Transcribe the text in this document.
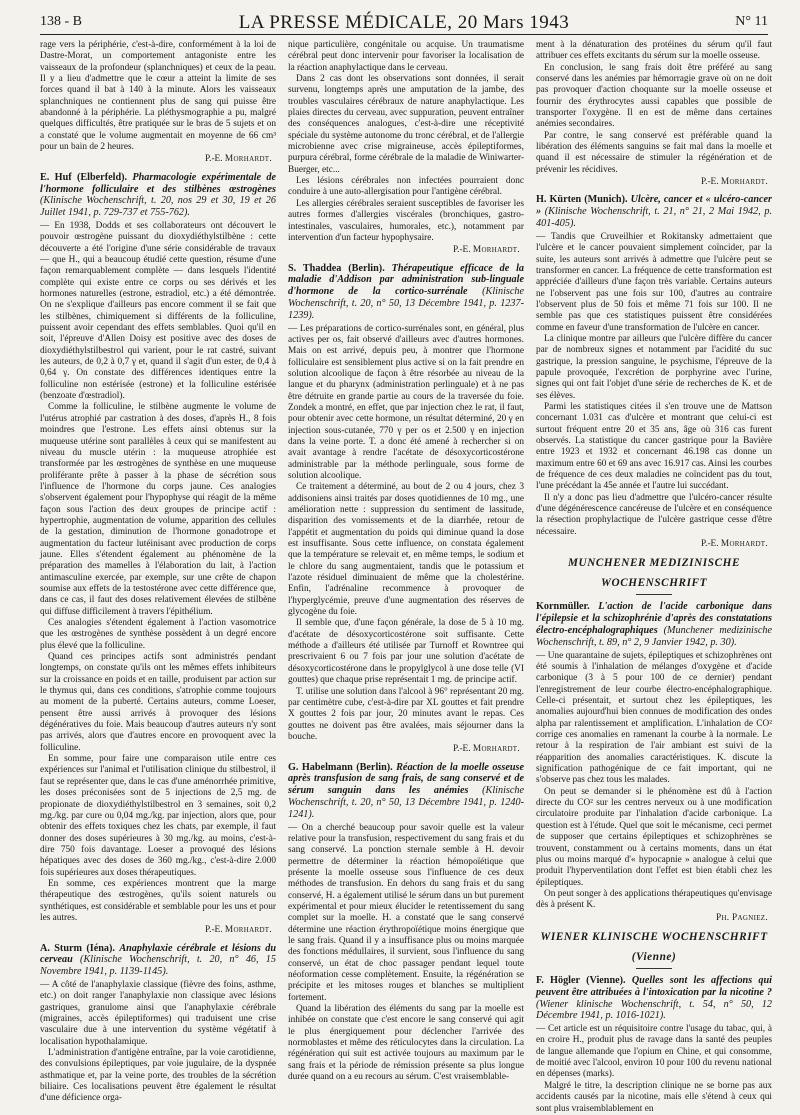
138 - B	LA PRESSE MÉDICALE, 20 Mars 1943	N° 11

rage vers la périphérie, c'est-à-dire, conformément à la loi de Dastre-Morat, un comportement antagoniste entre les vaisseaux de la profondeur (splanchniques) et ceux de la peau. Il y a lieu d'admettre que le cœur a atteint la limite de ses forces quand il bat à 140 à la minute. Alors les vaisseaux splanchniques ne contiennent plus de sang qui puisse être abandonné à la périphérie. La pléthysmographie a pu, malgré quelques difficultés, être pratiquée sur le bras de 5 sujets et on a constaté que le volume augmentait en moyenne de 66 cm³ pour un bain de 2 heures.

P.-E. Morhardt.
E. Huf (Elberfeld). Pharmacologie expérimentale de l'hormone folliculaire et des stilbènes œstrogènes (Klinische Wochenschrift, t. 20, nos 29 et 30, 19 et 26 Juillet 1941, p. 729-737 et 755-762).

— En 1938, Dodds et ses collaborateurs ont découvert le pouvoir œstrogène puissant du dioxydiéthylstilbène : cette découverte a été l'origine d'une série considérable de travaux — que H., qui a beaucoup étudié cette question, résume d'une façon remarquablement complète — dans lesquels l'identité complète qui existe entre ce corps ou ses dérivés et les hormones naturelles (estrone, estradiol, etc.) a été démontrée. On ne s'explique d'ailleurs pas encore comment il se fait que les stilbènes, chimiquement si différents de la folliculine, puissent avoir cependant des effets semblables. Quoi qu'il en soit, l'épreuve d'Allen Doisy est positive avec des doses de dioxydiéthylstilbestrol qui varient, pour le rat castré, suivant les auteurs, de 0,2 à 0,7 γ et, quand il s'agit d'un ester, de 0,4 à 0,64 γ. On constate des différences identiques entre la folliculine non estérisée (estrone) et la folliculine estérisée (benzoate d'œstradiol).

Comme la folliculine, le stilbène augmente le volume de l'utérus atrophié par castration à des doses, d'après H., 8 fois moindres que l'estrone. Les effets ainsi obtenus sur la muqueuse utérine sont parallèles à ceux qui se manifestent au niveau du muscle utérin : la muqueuse atrophiée est transformée par les œstrogènes de synthèse en une muqueuse proliférante prête à passer à la phase de sécrétion sous l'influence de l'hormone du corps jaune. Ces analogies s'observent également pour l'hypophyse qui réagit de la même façon sous l'action des deux groupes de principe actif : hypertrophie, augmentation de volume, apparition des cellules de la gestation, diminution de l'hormone gonadotrope et augmentation du facteur lutéinisant avec production de corps jaune. Elles s'étendent également au phénomène de la préparation des mamelles à l'élaboration du lait, à l'action antimasculine exercée, par exemple, sur une crête de chapon soumise aux effets de la testostérone avec cette différence que, dans ce cas, il faut des doses relativement élevées de stilbène qui diffuse difficilement à travers l'épithélium.

Ces analogies s'étendent également à l'action vasomotrice que les œstrogènes de synthèse possèdent à un degré encore plus élevé que la folliculine.

Quand ces principes actifs sont administrés pendant longtemps, on constate qu'ils ont les mêmes effets inhibiteurs sur la croissance en poids et en taille, produisent par action sur le thymus qui, dans ces conditions, s'atrophie comme toujours au moment de la puberté. Certains auteurs, comme Loeser, pensent être aussi arrivés à provoquer des lésions dégénératives du foie. Mais beaucoup d'autres auteurs n'y sont pas arrivés, alors que d'autres encore en provoquent avec la folliculine.

En somme, pour faire une comparaison utile entre ces expériences sur l'animal et l'utilisation clinique du stilbestrol, il faut se représenter que, dans le cas d'une aménorrhée primitive, les doses préconisées sont de 5 injections de 2,5 mg. de propionate de dioxydiéthylstilbestrol en 3 semaines, soit 0,2 mg./kg. par cure ou 0,04 mg./kg. par injection, alors que, pour obtenir des effets toxiques chez les chats, par exemple, il faut donner des doses supérieures à 30 mg./kg. au moins, c'est-à-dire 750 fois davantage. Loeser a provoqué des lésions hépatiques avec des doses de 360 mg./kg., c'est-à-dire 2.000 fois supérieures aux doses thérapeutiques.

En somme, ces expériences montrent que la marge thérapeutique des œstrogènes, qu'ils soient naturels ou synthétiques, est considérable et semblable pour les uns et pour les autres.

P.-E. Morhardt.
A. Sturm (Iéna). Anaphylaxie cérébrale et lésions du cerveau (Klinische Wochenschrift, t. 20, n° 46, 15 Novembre 1941, p. 1139-1145).

— A côté de l'anaphylaxie classique (fièvre des foins, asthme, etc.) on doit ranger l'anaphylaxie non classique avec lésions gastriques, granulome ainsi que l'anaphylaxie cérébrale (migraines, accès épileptiformes) qui traduisent une crise vasculaire due à une intervention du système végétatif à localisation hypothalamique.

L'administration d'antigène entraîne, par la voie carotidienne, des convulsions épileptiques, par voie jugulaire, de la dyspnée asthmatique et, par la veine porte, des troubles de la sécrétion biliaire. Ces localisations peuvent être également le résultat d'une déficience orga-

nique particulière, congénitale ou acquise. Un traumatisme cérébral peut donc intervenir pour favoriser la localisation de la réaction anaphylactique dans le cerveau.

Dans 2 cas dont les observations sont données, il serait survenu, longtemps après une amputation de la jambe, des troubles vasculaires cérébraux de nature anaphylactique. Les plaies directes du cerveau, avec suppuration, peuvent entraîner des conséquences analogues, c'est-à-dire une réceptivité spéciale du système autonome du tronc cérébral, et de l'allergie microbienne avec crise migraineuse, accès épileptiformes, purpura cérébral, forme cérébrale de la maladie de Winiwarter-Buerger, etc...

Les lésions cérébrales non infectées pourraient donc conduire à une auto-allergisation pour l'antigène cérébral.

Les allergies cérébrales seraient susceptibles de favoriser les autres formes d'allergies viscérales (bronchiques, gastro-intestinales, vasculaires, humorales, etc.), notamment par intervention d'un facteur hypophysaire.

P.-E. Morhardt.
S. Thaddea (Berlin). Thérapeutique efficace de la maladie d'Addison par administration sub-linguale d'hormone de la cortico-surrénale (Klinische Wochenschrift, t. 20, n° 50, 13 Décembre 1941, p. 1237-1239).

— Les préparations de cortico-surrénales sont, en général, plus actives per os, fait observé d'ailleurs avec d'autres hormones. Mais on est arrivé, depuis peu, à montrer que l'hormone folliculaire est sensiblement plus active si on la fait prendre en solution alcoolique de façon à être résorbée au niveau de la langue et du pharynx (administration perlinguale) et à ne pas être détruite en grande partie au cours de la traversée du foie. Zondek a montré, en effet, que par injection chez le rat, il faut, pour obtenir avec cette hormone, un résultat déterminé, 20 γ en injection sous-cutanée, 770 γ per os et 2.500 γ en injection dans la veine porte. T. a donc été amené à rechercher si on avait avantage à rendre l'acétate de désoxycorticostérone administrable par la méthode perlinguale, sous forme de solution alcoolique.

Ce traitement a déterminé, au bout de 2 ou 4 jours, chez 3 addisoniens ainsi traités par doses quotidiennes de 10 mg., une amélioration nette : suppression du sentiment de lassitude, disparition des vomissements et de la diarrhée, retour de l'appétit et augmentation du poids qui diminue quand la dose est insuffisante. Sous cette influence, on constata également que la température se relevait et, en même temps, le sodium et le chlore du sang augmentaient, tandis que le potassium et l'azote résiduel diminuaient de même que la cholestérine. Enfin, l'adrénaline recommence à provoquer de l'hyperglycémie, preuve d'une augmentation des réserves de glycogène du foie.

Il semble que, d'une façon générale, la dose de 5 à 10 mg. d'acétate de désoxycorticostérone soit suffisante. Cette méthode a d'ailleurs été utilisée par Turnoff et Rowntree qui prescrivaient 6 ou 7 fois par jour une solution d'acétate de désoxycorticostérone dans le propylglycol à une dose telle (VI gouttes) que chaque prise représentait 1 mg. de principe actif.

T. utilise une solution dans l'alcool à 96° représentant 20 mg. par centimètre cube, c'est-à-dire par XL gouttes et fait prendre X gouttes 2 fois par jour, 20 minutes avant le repas. Ces gouttes ne doivent pas être avalées, mais séjourner dans la bouche.

P.-E. Morhardt.
G. Habelmann (Berlin). Réaction de la moelle osseuse après transfusion de sang frais, de sang conservé et de sérum sanguin dans les anémies (Klinische Wochenschrift, t. 20, n° 50, 13 Décembre 1941, p. 1240-1241).

— On a cherché beaucoup pour savoir quelle est la valeur relative pour la transfusion, respectivement du sang frais et du sang conservé. La ponction sternale semble à H. devoir permettre de déterminer la réaction hémopoïétique que présente la moelle osseuse sous l'influence de ces deux méthodes de transfusion. En dehors du sang frais et du sang conservé, H. a également utilisé le sérum dans un but purement expérimental et pour mieux élucider le retentissement du sang complet sur la moelle. H. a constaté que le sang conservé détermine une réaction érythropoïétique moins énergique que le sang frais. Quand il y a insuffisance plus ou moins marquée des fonctions médullaires, il survient, sous l'influence du sang conservé, un état de choc passager pendant lequel toute néoformation cesse complètement. Ensuite, la régénération se précipite et les mitoses rouges et blanches se multiplient fortement.

Quand la libération des éléments du sang par la moelle est inhibée on constate que c'est encore le sang conservé qui agit le plus énergiquement pour déclencher l'arrivée des normoblastes et même des réticulocytes dans la circulation. La régénération qui suit est activée toujours au maximum par le sang frais et la période de rémission présente sa plus longue durée quand on a eu recours au sérum. C'est vraisemblable-

ment à la dénaturation des protéines du sérum qu'il faut attribuer ces effets excitants du sérum sur la moelle osseuse.

En conclusion, le sang frais doit être préféré au sang conservé dans les anémies par hémorragie grave où on ne doit pas provoquer d'action choquante sur la moelle osseuse et fournir des érythrocytes aussi capables que possible de transporter l'oxygène. Il en est de même dans certaines anémies secondaires.

Par contre, le sang conservé est préférable quand la libération des éléments sanguins se fait mal dans la moelle et quand il est nécessaire de stimuler la régénération et de prévenir les récidives.

P.-E. Morhardt.
H. Kürten (Munich). Ulcère, cancer et « ulcéro-cancer » (Klinische Wochenschrift, t. 21, n° 21, 2 Mai 1942, p. 401-405).

— Tandis que Cruveilhier et Rokitansky admettaient que l'ulcère et le cancer pouvaient simplement coïncider, par la suite, les auteurs sont arrivés à admettre que l'ulcère peut se transformer en cancer. La fréquence de cette transformation est appréciée d'ailleurs d'une façon très variable. Certains auteurs ne l'observent pas une fois sur 100, d'autres au contraire l'observent plus de 50 fois et même 71 fois sur 100. Il ne semble pas que ces statistiques puissent être considérées comme en faveur d'une transformation de l'ulcère en cancer.

La clinique montre par ailleurs que l'ulcère diffère du cancer par de nombreux signes et notamment par l'acidité du suc gastrique, la pression sanguine, le psychisme, l'épreuve de la papule provoquée, l'excrétion de porphyrine avec l'urine, signes qui ont fait l'objet d'une série de recherches de K. et de ses élèves.

Parmi les statistiques citées il s'en trouve une de Mattson concernant 1.031 cas d'ulcère et montrant que celui-ci est surtout fréquent entre 20 et 35 ans, âge où 316 cas furent observés. La statistique du cancer gastrique pour la Bavière entre 1923 et 1932 et concernant 46.198 cas donne un maximum entre 60 et 69 ans avec 16.917 cas. Ainsi les courbes de fréquence de ces deux maladies ne coïncident pas du tout, l'une précédant la 45e année et l'autre lui succédant.

Il n'y a donc pas lieu d'admettre que l'ulcéro-cancer résulte d'une dégénérescence cancéreuse de l'ulcère et en conséquence la résection prophylactique de l'ulcère gastrique cesse d'être nécessaire.

P.-E. Morhardt.
MUNCHENER MEDIZINISCHE
WOCHENSCHRIFT
Kornmüller. L'action de l'acide carbonique dans l'épilepsie et la schizophrénie d'après des constatations électro-encéphalographiques (Munchener medizinische Wochenschrift, t. 89, n° 2, 9 Janvier 1942, p. 30).

— Une quarantaine de sujets, épileptiques et schizophrènes ont été soumis à l'inhalation de mélanges d'oxygène et d'acide carbonique (3 à 5 pour 100 de ce dernier) pendant l'enregistrement de leur courbe électro-encéphalographique. Celle-ci présentait, et surtout chez les épileptiques, les anomalies aujourd'hui bien connues de modification des ondes alpha par ralentissement et amplification. L'inhalation de CO² corrige ces anomalies en ramenant la courbe à la normale. Le retour à la respiration de l'air ambiant est suivi de la réapparition des anomalies caractéristiques. K. discute la signification pathogénique de ce fait important, qui ne s'observe pas chez tous les malades.

On peut se demander si le phénomène est dû à l'action directe du CO² sur les centres nerveux ou à une modification circulatoire produite par l'inhalation d'acide carbonique. La question est à l'étude. Quel que soit le mécanisme, ceci permet de supposer que certains épileptiques et schizophrènes se trouvent, constamment ou à certains moments, dans un état plus ou moins marqué d'« hypocapnie » analogue à celui que produit l'hyperventilation dont l'effet est bien établi chez les épileptiques.

On peut songer à des applications thérapeutiques qu'envisage dès à présent K.

Ph. Pagniez.
WIENER KLINISCHE WOCHENSCHRIFT
(Vienne)
F. Högler (Vienne). Quelles sont les affections qui peuvent être attribuées à l'intoxication par la nicotine ? (Wiener klinische Wochenschrift, t. 54, n° 50, 12 Décembre 1941, p. 1016-1021).

— Cet article est un réquisitoire contre l'usage du tabac, qui, à en croire H., produit plus de ravage dans la santé des peuples de langue allemande que l'opium en Chine, et qui consomme, de moitié avec l'alcool, environ 10 pour 100 du revenu national en dépenses (marks).

Malgré le titre, la description clinique ne se borne pas aux accidents causés par la nicotine, mais elle s'étend à ceux qui sont plus vraisemblablement en
